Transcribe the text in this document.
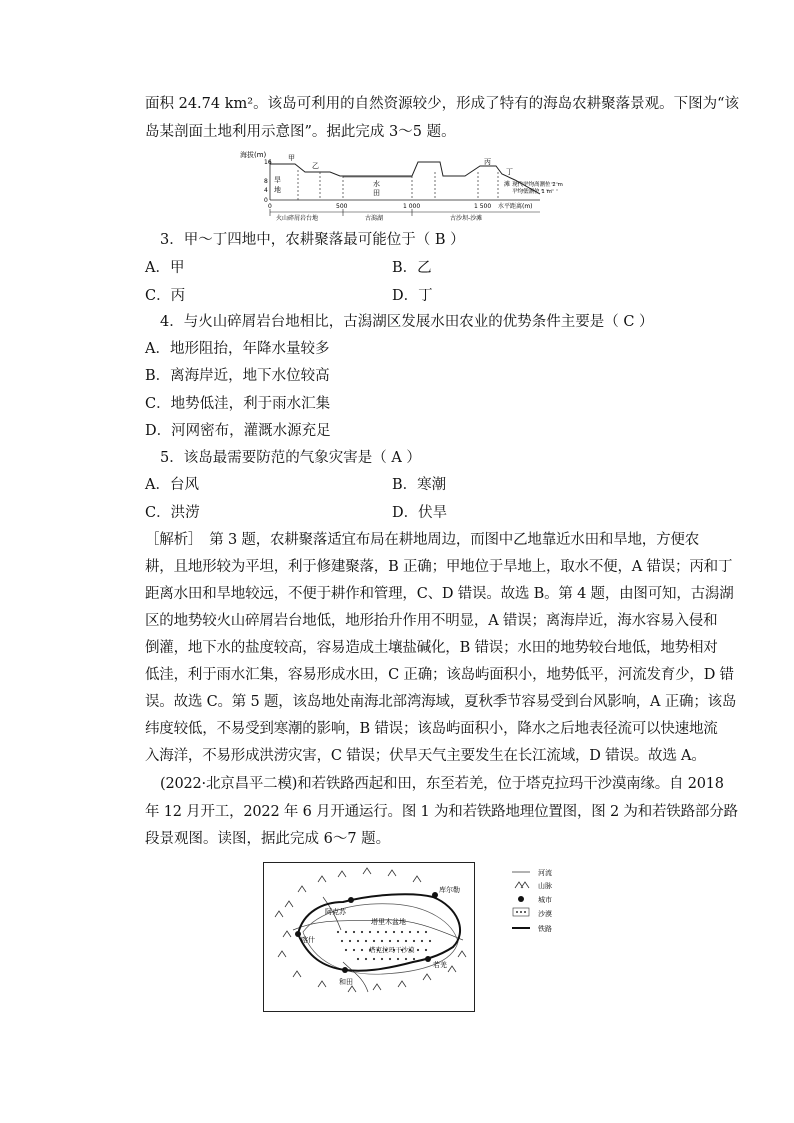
面积 24.74 km²。该岛可利用的自然资源较少，形成了特有的海岛农耕聚落景观。下图为“该
岛某剖面土地利用示意图”。据此完成 3～5 题。
海拔(m)
16
8
4
0
旱
地
甲
乙
水
田
丙
丁
滩 现代平均高潮位 2 m
平均低潮位 1 m
0	500	1 000	1 500 水平距离(m)
火山碎屑岩台地	古潟湖	古沙坝-沙滩
3．甲～丁四地中，农耕聚落最可能位于（ B ）
A．甲	B．乙
C．丙	D．丁
4．与火山碎屑岩台地相比，古潟湖区发展水田农业的优势条件主要是（ C ）
A．地形阻抬，年降水量较多
B．离海岸近，地下水位较高
C．地势低洼，利于雨水汇集
D．河网密布，灌溉水源充足
5．该岛最需要防范的气象灾害是（ A ）
A．台风	B．寒潮
C．洪涝	D．伏旱
［解析］　第 3 题，农耕聚落适宜布局在耕地周边，而图中乙地靠近水田和旱地，方便农
耕，且地形较为平坦，利于修建聚落，B 正确；甲地位于旱地上，取水不便，A 错误；丙和丁
距离水田和旱地较远，不便于耕作和管理，C、D 错误。故选 B。第 4 题，由图可知，古潟湖
区的地势较火山碎屑岩台地低，地形抬升作用不明显，A 错误；离海岸近，海水容易入侵和
倒灌，地下水的盐度较高，容易造成土壤盐碱化，B 错误；水田的地势较台地低，地势相对
低洼，利于雨水汇集，容易形成水田，C 正确；该岛屿面积小，地势低平，河流发育少，D 错
误。故选 C。第 5 题，该岛地处南海北部湾海域，夏秋季节容易受到台风影响，A 正确；该岛
纬度较低，不易受到寒潮的影响，B 错误；该岛屿面积小，降水之后地表径流可以快速地流
入海洋，不易形成洪涝灾害，C 错误；伏旱天气主要发生在长江流域，D 错误。故选 A。
(2022·北京昌平二模)和若铁路西起和田，东至若羌，位于塔克拉玛干沙漠南缘。自 2018
年 12 月开工，2022 年 6 月开通运行。图 1 为和若铁路地理位置图，图 2 为和若铁路部分路
段景观图。读图，据此完成 6～7 题。
阿克苏
库尔勒
喀什
和田
若羌
塔里木盆地
塔克拉玛干沙漠
河流
山脉
城市
沙漠
铁路
